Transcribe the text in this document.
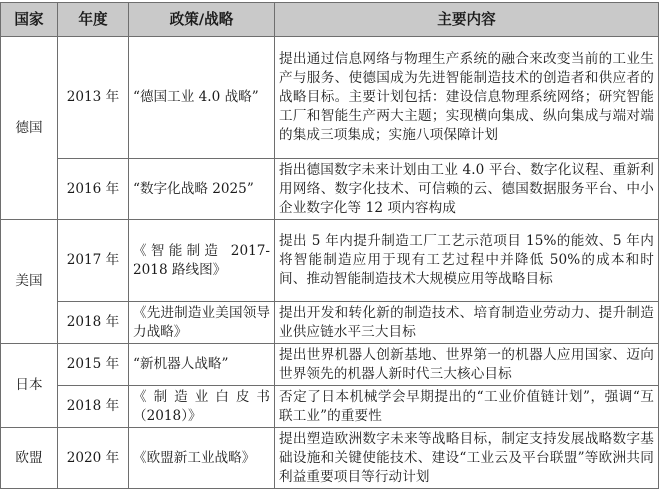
国家	年度	政策/战略	主要内容
德国	2013 年	“德国工业 4.0 战略”	提出通过信息网络与物理生产系统的融合来改变当前的工业生产与服务、使德国成为先进智能制造技术的创造者和供应者的战略目标。主要计划包括：建设信息物理系统网络；研究智能工厂和智能生产两大主题；实现横向集成、纵向集成与端对端的集成三项集成；实施八项保障计划
	2016 年	“数字化战略 2025”	指出德国数字未来计划由工业 4.0 平台、数字化议程、重新利用网络、数字化技术、可信赖的云、德国数据服务平台、中小企业数字化等 12 项内容构成
美国	2017 年	《智能制造 2017-2018 路线图》	提出 5 年内提升制造工厂工艺示范项目 15%的能效、5 年内将智能制造应用于现有工艺过程中并降低 50%的成本和时间、推动智能制造技术大规模应用等战略目标
	2018 年	《先进制造业美国领导力战略》	提出开发和转化新的制造技术、培育制造业劳动力、提升制造业供应链水平三大目标
日本	2015 年	“新机器人战略”	提出世界机器人创新基地、世界第一的机器人应用国家、迈向世界领先的机器人新时代三大核心目标
	2018 年	《制造业白皮书（2018）》	否定了日本机械学会早期提出的“工业价值链计划”，强调“互联工业”的重要性
欧盟	2020 年	《欧盟新工业战略》	提出塑造欧洲数字未来等战略目标，制定支持发展战略数字基础设施和关键使能技术、建设“工业云及平台联盟”等欧洲共同利益重要项目等行动计划
